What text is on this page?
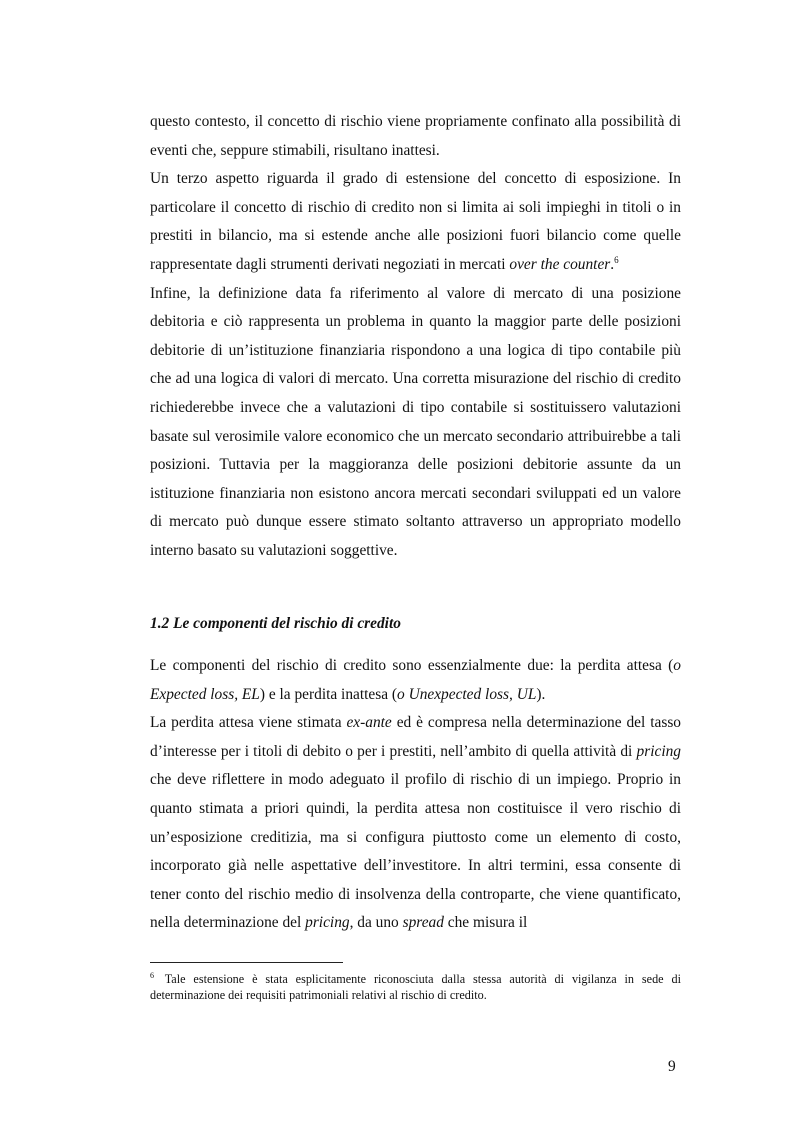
questo contesto, il concetto di rischio viene propriamente confinato alla possibilità di eventi che, seppure stimabili, risultano inattesi.

Un terzo aspetto riguarda il grado di estensione del concetto di esposizione. In particolare il concetto di rischio di credito non si limita ai soli impieghi in titoli o in prestiti in bilancio, ma si estende anche alle posizioni fuori bilancio come quelle rappresentate dagli strumenti derivati negoziati in mercati over the counter.$^6$

Infine, la definizione data fa riferimento al valore di mercato di una posizione debitoria e ciò rappresenta un problema in quanto la maggior parte delle posizioni debitorie di un’istituzione finanziaria rispondono a una logica di tipo contabile più che ad una logica di valori di mercato. Una corretta misurazione del rischio di credito richiederebbe invece che a valutazioni di tipo contabile si sostituissero valutazioni basate sul verosimile valore economico che un mercato secondario attribuirebbe a tali posizioni. Tuttavia per la maggioranza delle posizioni debitorie assunte da un istituzione finanziaria non esistono ancora mercati secondari sviluppati ed un valore di mercato può dunque essere stimato soltanto attraverso un appropriato modello interno basato su valutazioni soggettive.

1.2 Le componenti del rischio di credito

Le componenti del rischio di credito sono essenzialmente due: la perdita attesa (o Expected loss, EL) e la perdita inattesa (o Unexpected loss, UL).

La perdita attesa viene stimata ex-ante ed è compresa nella determinazione del tasso d’interesse per i titoli di debito o per i prestiti, nell’ambito di quella attività di pricing che deve riflettere in modo adeguato il profilo di rischio di un impiego. Proprio in quanto stimata a priori quindi, la perdita attesa non costituisce il vero rischio di un’esposizione creditizia, ma si configura piuttosto come un elemento di costo, incorporato già nelle aspettative dell’investitore. In altri termini, essa consente di tener conto del rischio medio di insolvenza della controparte, che viene quantificato, nella determinazione del pricing, da uno spread che misura il

$^6$ Tale estensione è stata esplicitamente riconosciuta dalla stessa autorità di vigilanza in sede di determinazione dei requisiti patrimoniali relativi al rischio di credito.

9
